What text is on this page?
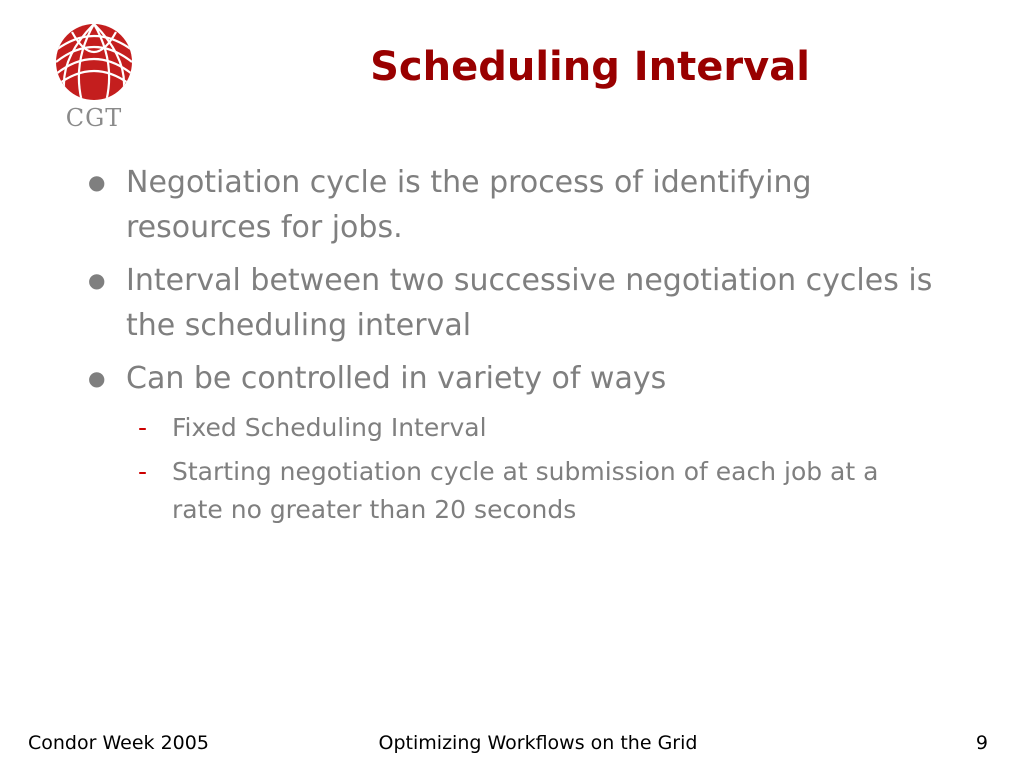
CGT
Scheduling Interval
● Negotiation cycle is the process of identifying resources for jobs.
● Interval between two successive negotiation cycles is the scheduling interval
● Can be controlled in variety of ways
- Fixed Scheduling Interval
- Starting negotiation cycle at submission of each job at a rate no greater than 20 seconds
Condor Week 2005	Optimizing Workflows on the Grid	9
